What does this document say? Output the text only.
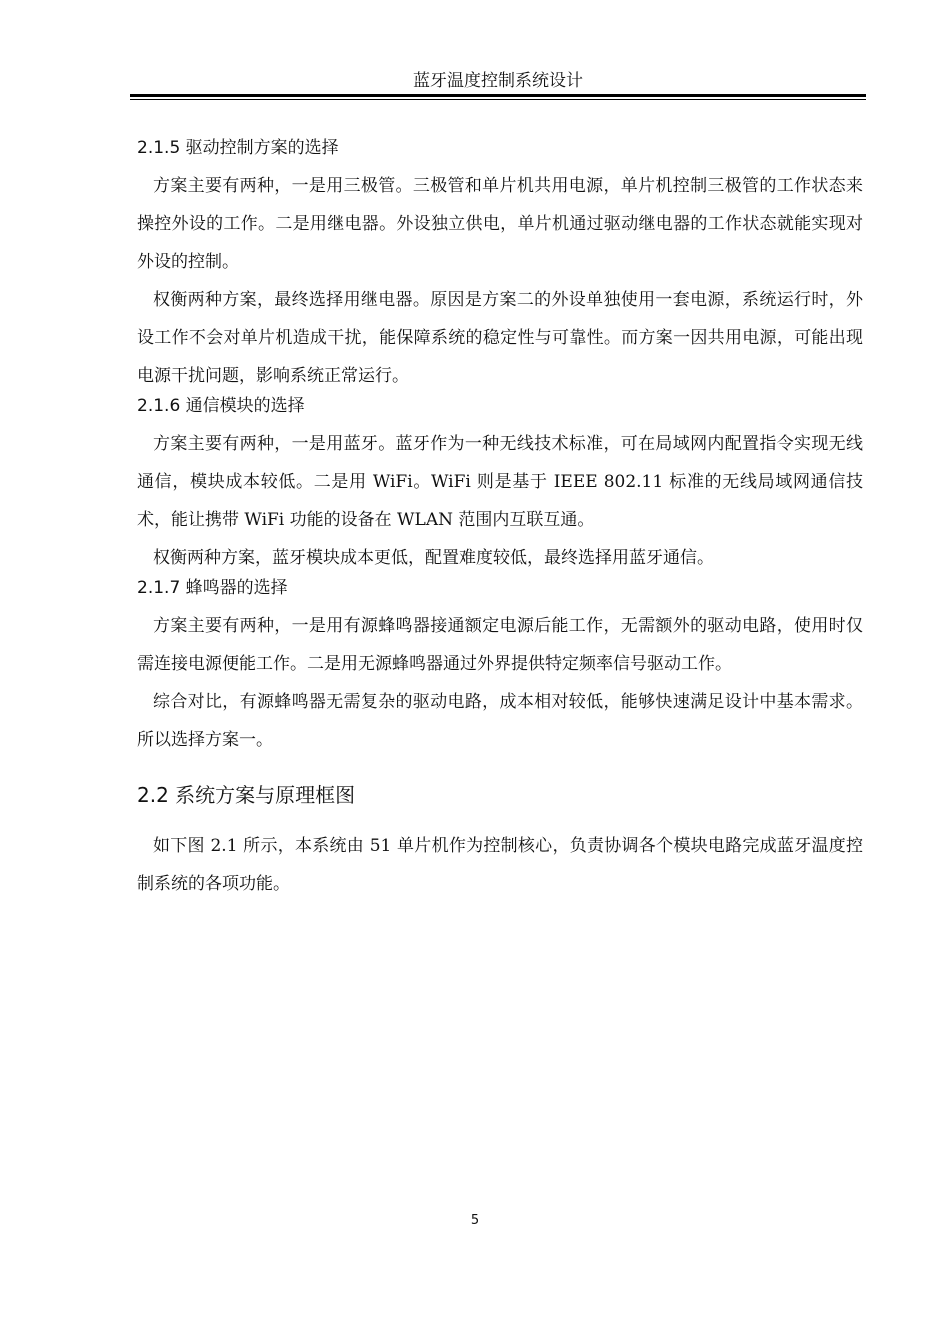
蓝牙温度控制系统设计
2.1.5 驱动控制方案的选择

方案主要有两种，一是用三极管。三极管和单片机共用电源，单片机控制三极管的工作状态来操控外设的工作。二是用继电器。外设独立供电，单片机通过驱动继电器的工作状态就能实现对外设的控制。

权衡两种方案，最终选择用继电器。原因是方案二的外设单独使用一套电源，系统运行时，外设工作不会对单片机造成干扰，能保障系统的稳定性与可靠性。而方案一因共用电源，可能出现电源干扰问题，影响系统正常运行。

2.1.6 通信模块的选择

方案主要有两种，一是用蓝牙。蓝牙作为一种无线技术标准，可在局域网内配置指令实现无线通信，模块成本较低。二是用 WiFi。WiFi 则是基于 IEEE 802.11 标准的无线局域网通信技术，能让携带 WiFi 功能的设备在 WLAN 范围内互联互通。

权衡两种方案，蓝牙模块成本更低，配置难度较低，最终选择用蓝牙通信。

2.1.7 蜂鸣器的选择

方案主要有两种，一是用有源蜂鸣器接通额定电源后能工作，无需额外的驱动电路，使用时仅需连接电源便能工作。二是用无源蜂鸣器通过外界提供特定频率信号驱动工作。

综合对比，有源蜂鸣器无需复杂的驱动电路，成本相对较低，能够快速满足设计中基本需求。所以选择方案一。

2.2 系统方案与原理框图

如下图 2.1 所示，本系统由 51 单片机作为控制核心，负责协调各个模块电路完成蓝牙温度控制系统的各项功能。

5
